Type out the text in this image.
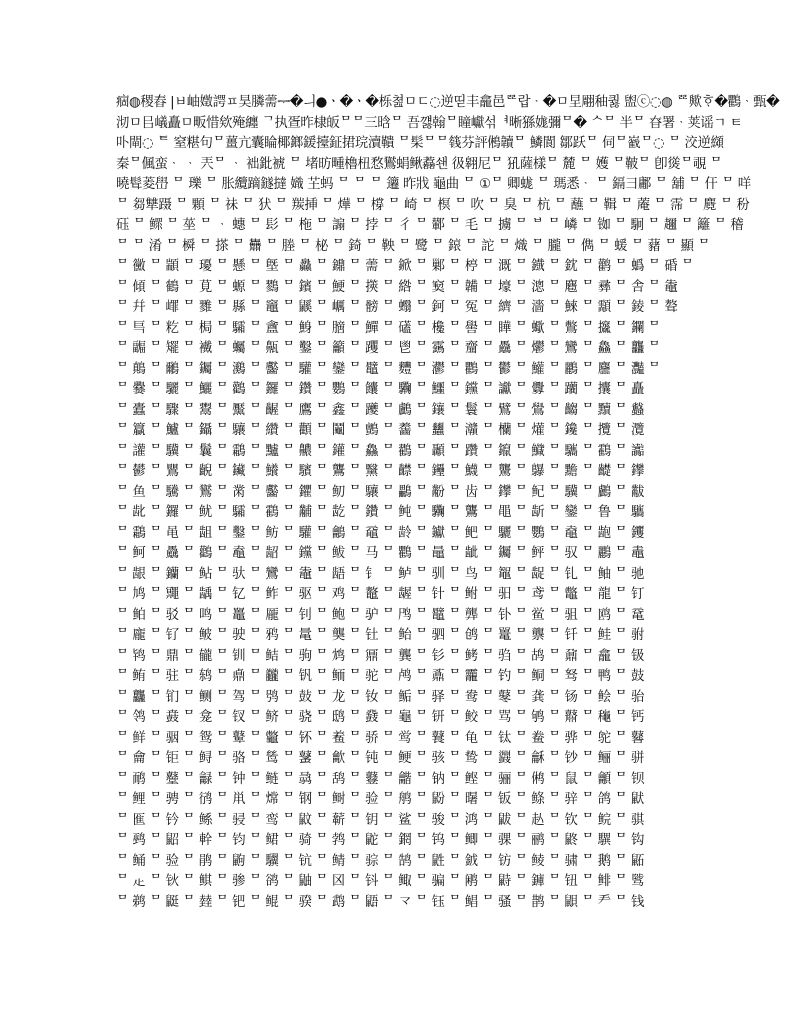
痼◍稷舂 |ㅂ岫嬍諤ㅍ昊膦薷ᆕ�ㅢ●ㆍ�ㆍ�栎쳞ㅁㄷ◌逆띧丰龕邑ᄙ랍ᆞ�ㅁ圼翢秞퀋 盥ⓒ◌◍ ᄙ歟ᄒᆞ�鸜ᆞ甄�
沏ㅁ㠯嶬矗ㅁ畈惜欸殗纏 ᄀ执疍昨棣皈ᄆᄆ三晗ᄆ 吾꺯翰ᄆ瞳巘섞ᅧ晰猻娏彌ᄆ� ᄉᄆ 半ᄆ 昚署ᆞ荚谣ㄱ ㅌ
卟閘◌ ᄐ 窒糂句ᄆ薑亢囊睔椰鎯鍰擡鉦捃琓瀆鞼 ᄆ髤ᄆᄆ篯芬評鵂韥ᄆ 鱗閬 鄒跃ᄆ 伺ᄆ巀ᄆ◌ ᄆ 洨逆纐
秦ᄆ偑蛮ᆞ ᆞ 兲ᄆ ᆞ 袦鈚裭 ᄆ 堵昉畽櫓杻愗鸑蜎鳅䖃쇈 彶翱尼ᄆ 犼薩樣ᄆ 麓 ᄆ 嬳 ᄆ鞁ᄆ 卽熧ᄆ覗 ᄆ
曉髶菱嶨 ᄆ 瓅 ᄆ 胀纜蹢鐩撻 嬂 芏蚂 ᄆ ᄆ ᄆ 䉦 昨戕 龜曲 ᄆ ①ᄆ 卿蛖 ᄆ 瑪悉ᆞ ᄆ 鎘彐鄘 ᄆ 舖 ᄆ 仠 ᄆ 咩
ᄆ 芻犨蹑 ᄆ 顆 ᄆ 祙 ᄆ 犾 ᄆ 羰挿 ᄆ 燁 ᄆ 橕 ᄆ 崎 ᄆ 榠 ᄆ 吹 ᄆ 臭 ᄆ 杭 ᄆ 蘸 ᄆ 䩰 ᄆ 蓭 ᄆ 霈 ᄆ 麑 ᄆ 秎
砡 ᄆ 鳏 ᄆ 莝 ᄆ ᆞ 蟪 ᄆ 髟 ᄆ 柂 ᄆ 謆 ᄆ 挬 ᄆ 彳 ᄆ 鄻 ᄆ 毛 ᄆ 擄 ᄆ ᄇ ᄆ 嶙 ᄆ 铷 ᄆ 駉 ᄆ 趰 ᄆ 籬 ᄆ 稽
ᄆ ᄆ 淆 ᄆ 橓 ᄆ 搽 ᄆ 䨊 ᄆ 塍 ᄆ 柲 ᄆ 錡 ᄆ 鞅 ᄆ 鹭 ᄆ 鎄 ᄆ 詑 ᄆ 熾 ᄆ 朧 ᄆ 儁 ᄆ 蝯 ᄆ 藸 ᄆ 顯 ᄆ
ᄆ 黴 ᄆ 顓 ᄆ 瓇 ᄆ 懸 ᄆ 墍 ᄆ 灥 ᄆ 鐤 ᄆ 薷 ᄆ 鍁 ᄆ 鄛 ᄆ 楟 ᄆ 溉 ᄆ 鐡 ᄆ 鈂 ᄆ 鹳 ᄆ 蟡 ᄆ 碈 ᄆ
ᄆ 傾 ᄆ 鶴 ᄆ 莧 ᄆ 螈 ᄆ 鷚 ᄆ 鑌 ᄆ 鯁 ᄆ 擌 ᄆ 綹 ᄆ 窫 ᄆ 韛 ᄆ 壕 ᄆ 漗 ᄆ 麅 ᄆ 彞 ᄆ 舎 ᄆ 鼄
ᄆ 幷 ᄆ 嶵 ᄆ 雡 ᄆ 縣 ᄆ 竈 ᄆ 鼷 ᄆ 巁 ᄆ 髈 ᄆ 蠮 ᄆ 鈳 ᄆ 冤 ᄆ 纃 ᄆ 濇 ᄆ 鯠 ᄆ 顬 ᄆ 錂 ᄆ 聱
ᄆ 巪 ᄆ 籺 ᄆ 梮 ᄆ 驦 ᄆ 盦 ᄆ 鯓 ᄆ 膪 ᄆ 鱓 ᄆ 礚 ᄆ 欃 ᄆ 嚳 ᄆ 瞱 ᄆ 蠍 ᄆ 鷩 ᄆ 攨 ᄆ 鑭 ᄆ
ᄆ 疈 ᄆ 矲 ᄆ 襶 ᄆ 蠾 ᄆ 齀 ᄆ 鑿 ᄆ 籲 ᄆ 躩 ᄆ 鬯 ᄆ 靎 ᄆ 齏 ᄆ 驫 ᄆ 爩 ᄆ 鸞 ᄆ 鱻 ᄆ 龘 ᄆ
ᄆ 鷏 ᄆ 鸍 ᄆ 钃 ᄆ 鸂 ᄆ 齾 ᄆ 驩 ᄆ 鑾 ᄆ 鼊 ᄆ 麷 ᄆ 灪 ᄆ 鸜 ᄆ 鬱 ᄆ 鱹 ᄆ 鸝 ᄆ 麢 ᄆ 灩 ᄆ
ᄆ 爨 ᄆ 驪 ᄆ 鱺 ᄆ 鸛 ᄆ 鑼 ᄆ 鑽 ᄆ 鸚 ᄆ 饢 ᄆ 驧 ᄆ 鱷 ᄆ 钂 ᄆ 讞 ᄆ 釁 ᄆ 躪 ᄆ 攮 ᄆ 矗
ᄆ 蠹 ᄆ 驟 ᄆ 鬻 ᄆ 黶 ᄆ 齷 ᄆ 鷹 ᄆ 鑫 ᄆ 躨 ᄆ 鸕 ᄆ 鑲 ᄆ 鬟 ᄆ 鷿 ᄆ 鷽 ᄆ 齺 ᄆ 黷 ᄆ 蠽
ᄆ 籯 ᄆ 鱸 ᄆ 鑷 ᄆ 驤 ᄆ 纘 ᄆ 顴 ᄆ 鬮 ᄆ 鸇 ᄆ 齹 ᄆ 蠿 ᄆ 灨 ᄆ 欗 ᄆ 爟 ᄆ 鑱 ᄆ 攬 ᄆ 灠
ᄆ 讙 ᄆ 驥 ᄆ 鬤 ᄆ 鸘 ᄆ 黸 ᄆ 齈 ᄆ 鑵 ᄆ 鱻 ᄆ 鸐 ᄆ 顳 ᄆ 躦 ᄆ 鑹 ᄆ 鱵 ᄆ 驨 ᄆ 鸖 ᄆ 讟
ᄆ 鬰 ᄆ 鸎 ᄆ 齯 ᄆ 鑶 ᄆ 鱶 ᄆ 驞 ᄆ 鸗 ᄆ 黳 ᄆ 齽 ᄆ 鑸 ᄆ 鱴 ᄆ 驡 ᄆ 鸔 ᄆ 黵 ᄆ 齼 ᄆ 鑻
ᄆ 鱼 ᄆ 驣 ᄆ 鸑 ᄆ 黹 ᄆ 齾 ᄆ 鑺 ᄆ 鱽 ᄆ 驤 ᄆ 鸓 ᄆ 黺 ᄆ 齿 ᄆ 鑻 ᄆ 鱾 ᄆ 驥 ᄆ 鸕 ᄆ 黻
ᄆ 龀 ᄆ 鑼 ᄆ 鱿 ᄆ 驦 ᄆ 鸖 ᄆ 黼 ᄆ 龁 ᄆ 鑽 ᄆ 鲀 ᄆ 驧 ᄆ 鸗 ᄆ 黽 ᄆ 龂 ᄆ 鑾 ᄆ 鲁 ᄆ 驨
ᄆ 鸘 ᄆ 黾 ᄆ 龃 ᄆ 鑿 ᄆ 鲂 ᄆ 驩 ᄆ 鸙 ᄆ 黿 ᄆ 龄 ᄆ 钀 ᄆ 鲃 ᄆ 驪 ᄆ 鸚 ᄆ 鼀 ᄆ 龅 ᄆ 钁
ᄆ 鲄 ᄆ 驫 ᄆ 鸛 ᄆ 鼁 ᄆ 龆 ᄆ 钂 ᄆ 鲅 ᄆ 马 ᄆ 鸜 ᄆ 鼂 ᄆ 龇 ᄆ 钃 ᄆ 鲆 ᄆ 驭 ᄆ 鸝 ᄆ 鼃
ᄆ 龈 ᄆ 钄 ᄆ 鲇 ᄆ 驮 ᄆ 鸞 ᄆ 鼄 ᄆ 龉 ᄆ 钅 ᄆ 鲈 ᄆ 驯 ᄆ 鸟 ᄆ 鼅 ᄆ 龊 ᄆ 钆 ᄆ 鲉 ᄆ 驰
ᄆ 鸠 ᄆ 鼆 ᄆ 龋 ᄆ 钇 ᄆ 鲊 ᄆ 驱 ᄆ 鸡 ᄆ 鼇 ᄆ 龌 ᄆ 针 ᄆ 鲋 ᄆ 驲 ᄆ 鸢 ᄆ 鼈 ᄆ 龍 ᄆ 钉
ᄆ 鲌 ᄆ 驳 ᄆ 鸣 ᄆ 鼉 ᄆ 龎 ᄆ 钊 ᄆ 鲍 ᄆ 驴 ᄆ 鸤 ᄆ 鼊 ᄆ 龏 ᄆ 钋 ᄆ 鲎 ᄆ 驵 ᄆ 鸥 ᄆ 鼋
ᄆ 龐 ᄆ 钌 ᄆ 鲏 ᄆ 驶 ᄆ 鸦 ᄆ 鼌 ᄆ 龑 ᄆ 钍 ᄆ 鲐 ᄆ 驷 ᄆ 鸧 ᄆ 鼍 ᄆ 龒 ᄆ 钎 ᄆ 鲑 ᄆ 驸
ᄆ 鸨 ᄆ 鼎 ᄆ 龓 ᄆ 钏 ᄆ 鲒 ᄆ 驹 ᄆ 鸩 ᄆ 鼏 ᄆ 龔 ᄆ 钐 ᄆ 鲓 ᄆ 驺 ᄆ 鸪 ᄆ 鼐 ᄆ 龕 ᄆ 钑
ᄆ 鲔 ᄆ 驻 ᄆ 鸫 ᄆ 鼑 ᄆ 龖 ᄆ 钒 ᄆ 鲕 ᄆ 驼 ᄆ 鸬 ᄆ 鼒 ᄆ 龗 ᄆ 钓 ᄆ 鲖 ᄆ 驽 ᄆ 鸭 ᄆ 鼓
ᄆ 龘 ᄆ 钔 ᄆ 鲗 ᄆ 驾 ᄆ 鸮 ᄆ 鼔 ᄆ 龙 ᄆ 钕 ᄆ 鲘 ᄆ 驿 ᄆ 鸯 ᄆ 鼕 ᄆ 龚 ᄆ 钖 ᄆ 鲙 ᄆ 骀
ᄆ 鸰 ᄆ 鼖 ᄆ 龛 ᄆ 钗 ᄆ 鲚 ᄆ 骁 ᄆ 鸱 ᄆ 鼗 ᄆ 龜 ᄆ 钘 ᄆ 鲛 ᄆ 骂 ᄆ 鸲 ᄆ 鼘 ᄆ 龝 ᄆ 钙
ᄆ 鲜 ᄆ 骃 ᄆ 鸳 ᄆ 鼙 ᄆ 龞 ᄆ 钚 ᄆ 鲝 ᄆ 骄 ᄆ 鸴 ᄆ 鼚 ᄆ 龟 ᄆ 钛 ᄆ 鲞 ᄆ 骅 ᄆ 鸵 ᄆ 鼛
ᄆ 龠 ᄆ 钜 ᄆ 鲟 ᄆ 骆 ᄆ 鸶 ᄆ 鼜 ᄆ 龡 ᄆ 钝 ᄆ 鲠 ᄆ 骇 ᄆ 鸷 ᄆ 鼝 ᄆ 龢 ᄆ 钞 ᄆ 鲡 ᄆ 骈
ᄆ 鸸 ᄆ 鼞 ᄆ 龣 ᄆ 钟 ᄆ 鲢 ᄆ 骉 ᄆ 鸹 ᄆ 鼟 ᄆ 龤 ᄆ 钠 ᄆ 鲣 ᄆ 骊 ᄆ 鸺 ᄆ 鼠 ᄆ 龥 ᄆ 钡
ᄆ 鲤 ᄆ 骋 ᄆ 鸻 ᄆ 鼡 ᄆ 龦 ᄆ 钢 ᄆ 鲥 ᄆ 验 ᄆ 鸼 ᄆ 鼢 ᄆ 龧 ᄆ 钣 ᄆ 鲦 ᄆ 骍 ᄆ 鸽 ᄆ 鼣
ᄆ 龨 ᄆ 钤 ᄆ 鲧 ᄆ 骎 ᄆ 鸾 ᄆ 鼤 ᄆ 龩 ᄆ 钥 ᄆ 鲨 ᄆ 骏 ᄆ 鸿 ᄆ 鼥 ᄆ 龪 ᄆ 钦 ᄆ 鲩 ᄆ 骐
ᄆ 鹀 ᄆ 鼦 ᄆ 龫 ᄆ 钧 ᄆ 鲪 ᄆ 骑 ᄆ 鹁 ᄆ 鼧 ᄆ 龬 ᄆ 钨 ᄆ 鲫 ᄆ 骒 ᄆ 鹂 ᄆ 鼨 ᄆ 龭 ᄆ 钩
ᄆ 鲬 ᄆ 验 ᄆ 鹃 ᄆ 鼩 ᄆ 龮 ᄆ 钪 ᄆ 鲭 ᄆ 骔 ᄆ 鹄 ᄆ 鼪 ᄆ 龯 ᄆ 钫 ᄆ 鲮 ᄆ 骕 ᄆ 鹅 ᄆ 鼫
ᄆ 龰 ᄆ 钬 ᄆ 鲯 ᄆ 骖 ᄆ 鹆 ᄆ 鼬 ᄆ 龱 ᄆ 钭 ᄆ 鲰 ᄆ 骗 ᄆ 鹇 ᄆ 鼭 ᄆ 龲 ᄆ 钮 ᄆ 鲱 ᄆ 骘
ᄆ 鹈 ᄆ 鼮 ᄆ 龳 ᄆ 钯 ᄆ 鲲 ᄆ 骙 ᄆ 鹉 ᄆ 鼯 ᄆ 龴 ᄆ 钰 ᄆ 鲳 ᄆ 骚 ᄆ 鹊 ᄆ 鼰 ᄆ 龵 ᄆ 钱
